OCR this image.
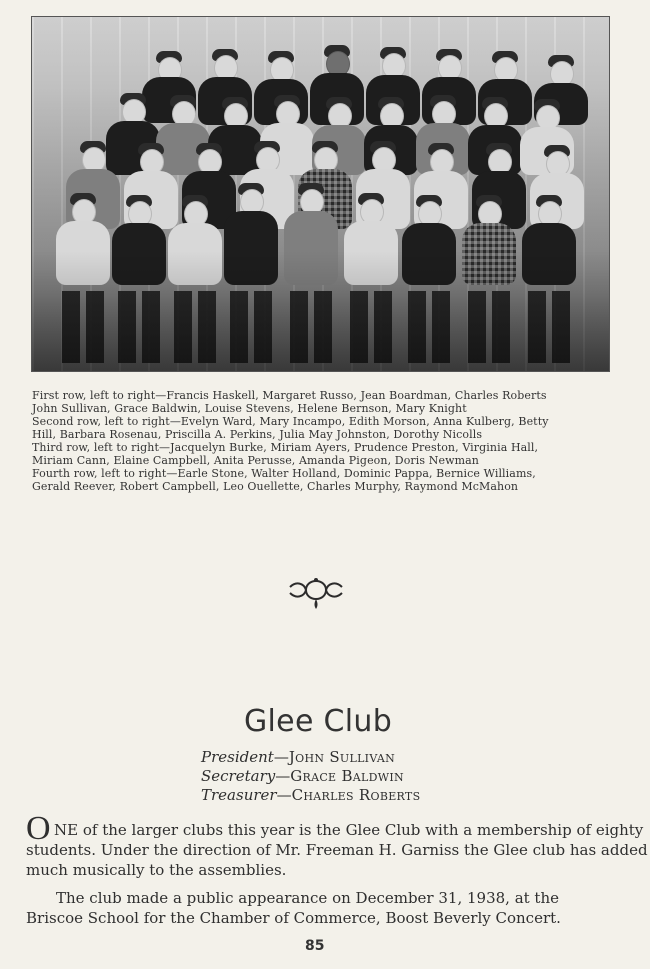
First row, left to right—Francis Haskell, Margaret Russo, Jean Boardman, Charles Roberts
John Sullivan, Grace Baldwin, Louise Stevens, Helene Bernson, Mary Knight
Second row, left to right—Evelyn Ward, Mary Incampo, Edith Morson, Anna Kulberg, Betty
Hill, Barbara Rosenau, Priscilla A. Perkins, Julia May Johnston, Dorothy Nicolls
Third row, left to right—Jacquelyn Burke, Miriam Ayers, Prudence Preston, Virginia Hall,
Miriam Cann, Elaine Campbell, Anita Perusse, Amanda Pigeon, Doris Newman
Fourth row, left to right—Earle Stone, Walter Holland, Dominic Pappa, Bernice Williams,
Gerald Reever, Robert Campbell, Leo Ouellette, Charles Murphy, Raymond McMahon
Glee Club
President—John Sullivan
Secretary—Grace Baldwin
Treasurer—Charles Roberts
O NE of the larger clubs this year is the Glee Club with a membership of eighty
students. Under the direction of Mr. Freeman H. Garniss the Glee club has added
much musically to the assemblies.
The club made a public appearance on December 31, 1938, at the Briscoe School for the Chamber of Commerce, Boost Beverly Concert.
85
